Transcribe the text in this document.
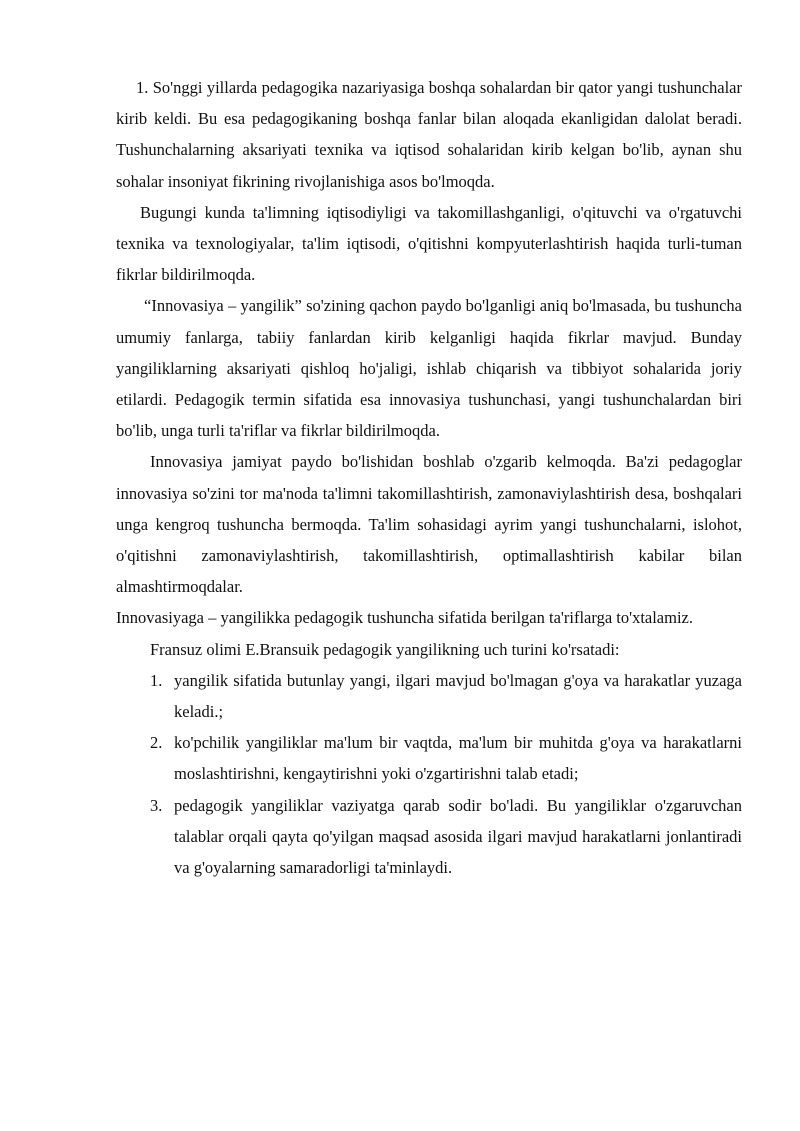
1. So'nggi yillarda pedagogika nazariyasiga boshqa sohalardan bir qator yangi tushunchalar kirib keldi. Bu esa pedagogikaning boshqa fanlar bilan aloqada ekanligidan dalolat beradi. Tushunchalarning aksariyati texnika va iqtisod sohalaridan kirib kelgan bo'lib, aynan shu sohalar insoniyat fikrining rivojlanishiga asos bo'lmoqda.

Bugungi kunda ta'limning iqtisodiyligi va takomillashganligi, o'qituvchi va o'rgatuvchi texnika va texnologiyalar, ta'lim iqtisodi, o'qitishni kompyuterlashtirish haqida turli-tuman fikrlar bildirilmoqda.

“Innovasiya – yangilik” so'zining qachon paydo bo'lganligi aniq bo'lmasada, bu tushuncha umumiy fanlarga, tabiiy fanlardan kirib kelganligi haqida fikrlar mavjud. Bunday yangiliklarning aksariyati qishloq ho'jaligi, ishlab chiqarish va tibbiyot sohalarida joriy etilardi. Pedagogik termin sifatida esa innovasiya tushunchasi, yangi tushunchalardan biri bo'lib, unga turli ta'riflar va fikrlar bildirilmoqda.

Innovasiya jamiyat paydo bo'lishidan boshlab o'zgarib kelmoqda. Ba'zi pedagoglar innovasiya so'zini tor ma'noda ta'limni takomillashtirish, zamonaviylashtirish desa, boshqalari unga kengroq tushuncha bermoqda. Ta'lim sohasidagi ayrim yangi tushunchalarni, islohot, o'qitishni zamonaviylashtirish, takomillashtirish, optimallashtirish kabilar bilan almashtirmoqdalar.

Innovasiyaga – yangilikka pedagogik tushuncha sifatida berilgan ta'riflarga to'xtalamiz.

Fransuz olimi E.Bransuik pedagogik yangilikning uch turini ko'rsatadi:

1. yangilik sifatida butunlay yangi, ilgari mavjud bo'lmagan g'oya va harakatlar yuzaga keladi.;
2. ko'pchilik yangiliklar ma'lum bir vaqtda, ma'lum bir muhitda g'oya va harakatlarni moslashtirishni, kengaytirishni yoki o'zgartirishni talab etadi;
3. pedagogik yangiliklar vaziyatga qarab sodir bo'ladi. Bu yangiliklar o'zgaruvchan talablar orqali qayta qo'yilgan maqsad asosida ilgari mavjud harakatlarni jonlantiradi va g'oyalarning samaradorligi ta'minlaydi.
